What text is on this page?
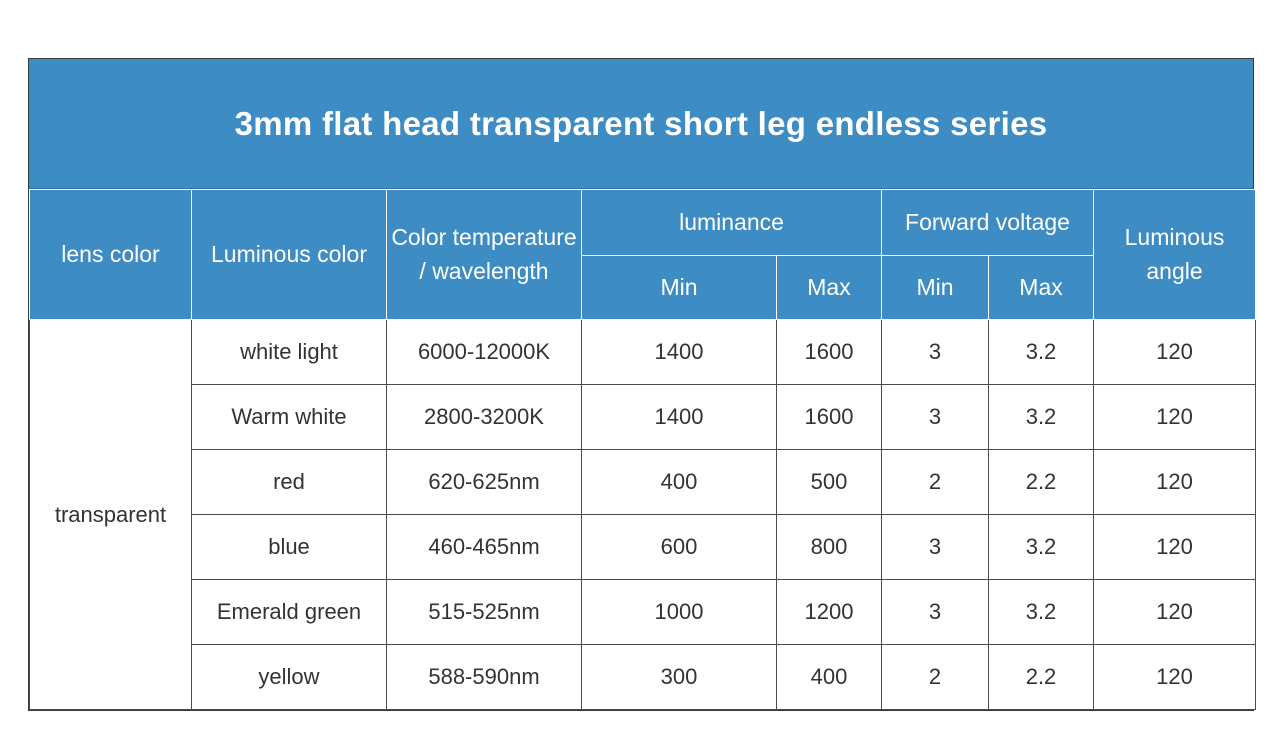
3mm flat head transparent short leg endless series
lens color	Luminous color	Color temperature / wavelength	luminance		Forward voltage		Luminous angle
			Min	Max	Min	Max	
transparent	white light	6000-12000K	1400	1600	3	3.2	120
	Warm white	2800-3200K	1400	1600	3	3.2	120
	red	620-625nm	400	500	2	2.2	120
	blue	460-465nm	600	800	3	3.2	120
	Emerald green	515-525nm	1000	1200	3	3.2	120
	yellow	588-590nm	300	400	2	2.2	120
